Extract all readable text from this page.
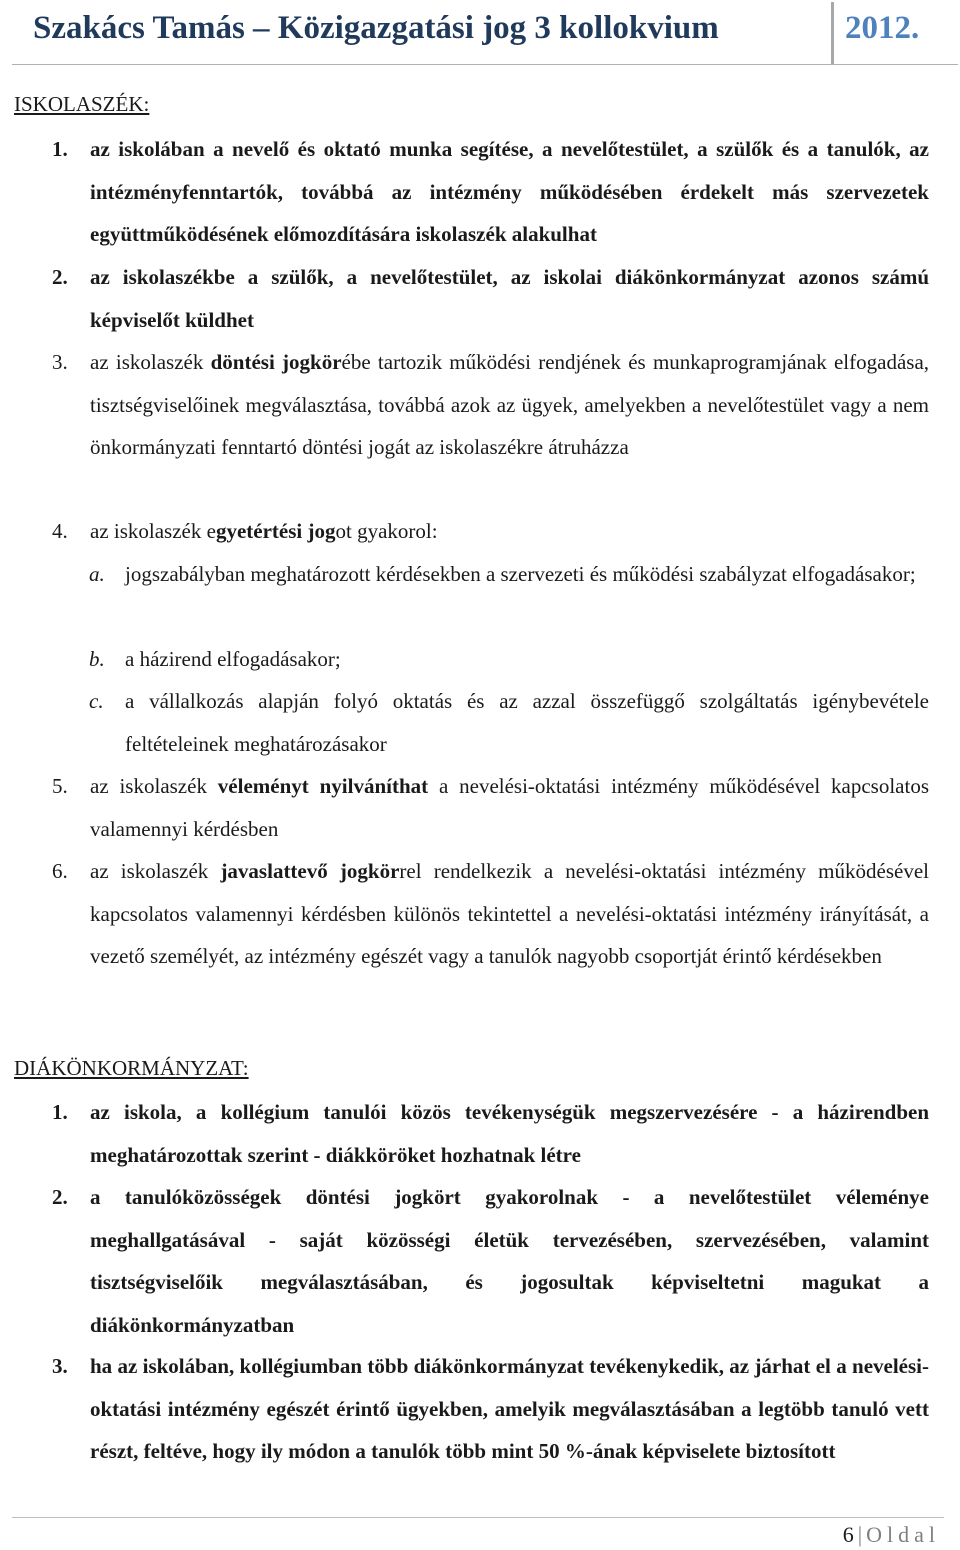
Szakács Tamás – Közigazgatási jog 3 kollokvium	2012.
ISKOLASZÉK:
1. az iskolában a nevelő és oktató munka segítése, a nevelőtestület, a szülők és a tanulók, az intézményfenntartók, továbbá az intézmény működésében érdekelt más szervezetek együttműködésének előmozdítására iskolaszék alakulhat
2. az iskolaszékbe a szülők, a nevelőtestület, az iskolai diákönkormányzat azonos számú képviselőt küldhet
3. az iskolaszék döntési jogkörébe tartozik működési rendjének és munkaprogramjának elfogadása, tisztségviselőinek megválasztása, továbbá azok az ügyek, amelyekben a nevelőtestület vagy a nem önkormányzati fenntartó döntési jogát az iskolaszékre átruházza
4. az iskolaszék egyetértési jogot gyakorol:
a. jogszabályban meghatározott kérdésekben a szervezeti és működési szabályzat elfogadásakor;
b. a házirend elfogadásakor;
c. a vállalkozás alapján folyó oktatás és az azzal összefüggő szolgáltatás igénybevétele feltételeinek meghatározásakor
5. az iskolaszék véleményt nyilváníthat a nevelési-oktatási intézmény működésével kapcsolatos valamennyi kérdésben
6. az iskolaszék javaslattevő jogkörrel rendelkezik a nevelési-oktatási intézmény működésével kapcsolatos valamennyi kérdésben különös tekintettel a nevelési-oktatási intézmény irányítását, a vezető személyét, az intézmény egészét vagy a tanulók nagyobb csoportját érintő kérdésekben
DIÁKÖNKORMÁNYZAT:
1. az iskola, a kollégium tanulói közös tevékenységük megszervezésére - a házirendben meghatározottak szerint - diákköröket hozhatnak létre
2. a tanulóközösségek döntési jogkört gyakorolnak - a nevelőtestület véleménye meghallgatásával - saját közösségi életük tervezésében, szervezésében, valamint tisztségviselőik megválasztásában, és jogosultak képviseltetni magukat a diákönkormányzatban
3. ha az iskolában, kollégiumban több diákönkormányzat tevékenykedik, az járhat el a nevelési-oktatási intézmény egészét érintő ügyekben, amelyik megválasztásában a legtöbb tanuló vett részt, feltéve, hogy ily módon a tanulók több mint 50 %-ának képviselete biztosított
6 | Oldal
